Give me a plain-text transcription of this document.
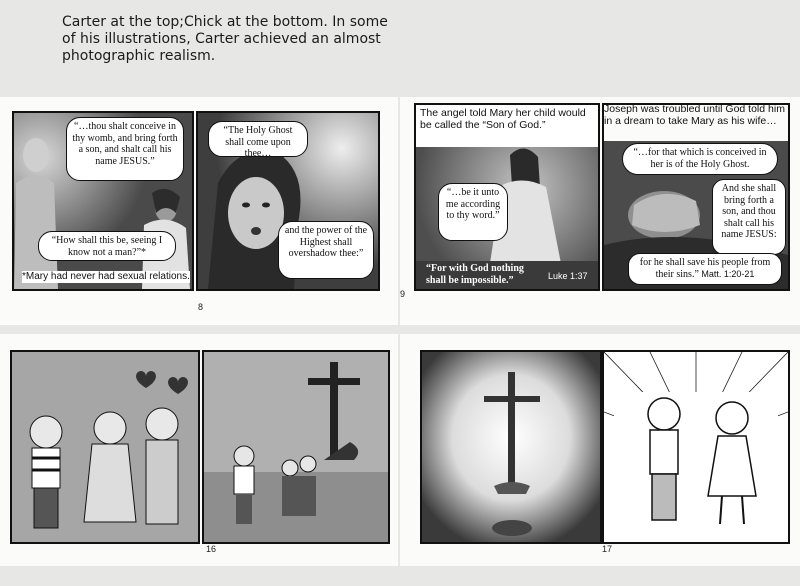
Carter at the top;Chick at the bottom. In some of his illustrations, Carter achieved an almost photographic realism.
“…thou shalt conceive in thy womb, and bring forth a son, and shalt call his name JESUS.”
“How shall this be, seeing I know not a man?”*
*Mary had never had sexual relations.
“The Holy Ghost shall come upon thee…
and the power of the Highest shall overshadow thee:”
8
The angel told Mary her child would be called the “Son of God.”
“…be it unto me according to thy word.”
“For with God nothing shall be impossible.”	Luke 1:37
Joseph was troubled until God told him in a dream to take Mary as his wife…
“…for that which is conceived in her is of the Holy Ghost.
And she shall bring forth a son, and thou shalt call his name JESUS:
for he shall save his people from their sins.” Matt. 1:20-21
9
16	17
